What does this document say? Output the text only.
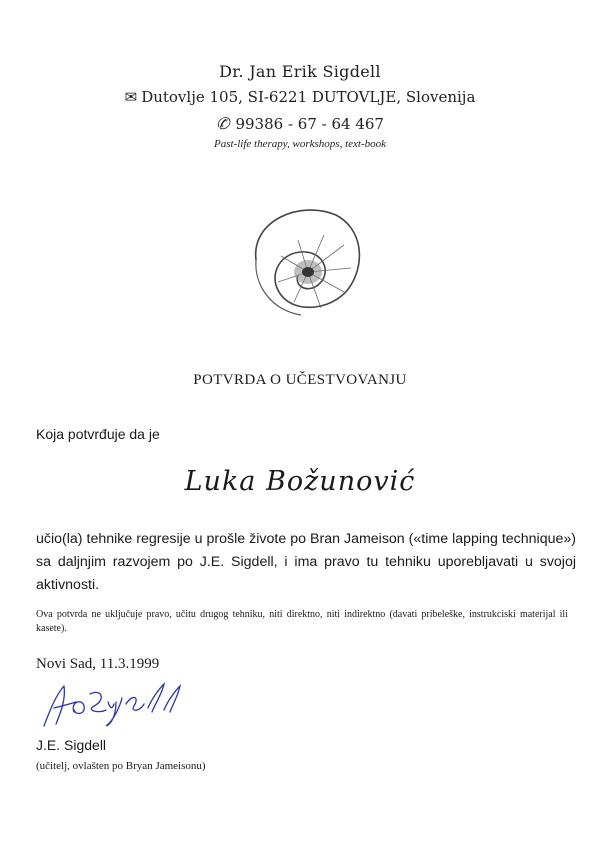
Dr. Jan Erik Sigdell
✉ Dutovlje 105, SI-6221 DUTOVLJE, Slovenija
✆ 99386 - 67 - 64 467
Past-life therapy, workshops, text-book
POTVRDA O UČESTVOVANJU
Koja potvrđuje da je
Luka Božunović
učio(la) tehnike regresije u prošle živote po Bran Jameison («time lapping technique») sa daljnjim razvojem po J.E. Sigdell, i ima pravo tu tehniku uporebljavati u svojoj aktivnosti.
Ova potvrda ne uključuje pravo, učitu drugog tehniku, niti direktno, niti indirektno (davati pribeleške, instrukciski materijal ili kasete).
Novi Sad, 11.3.1999
J.E. Sigdell
(učitelj, ovlašten po Bryan Jameisonu)
